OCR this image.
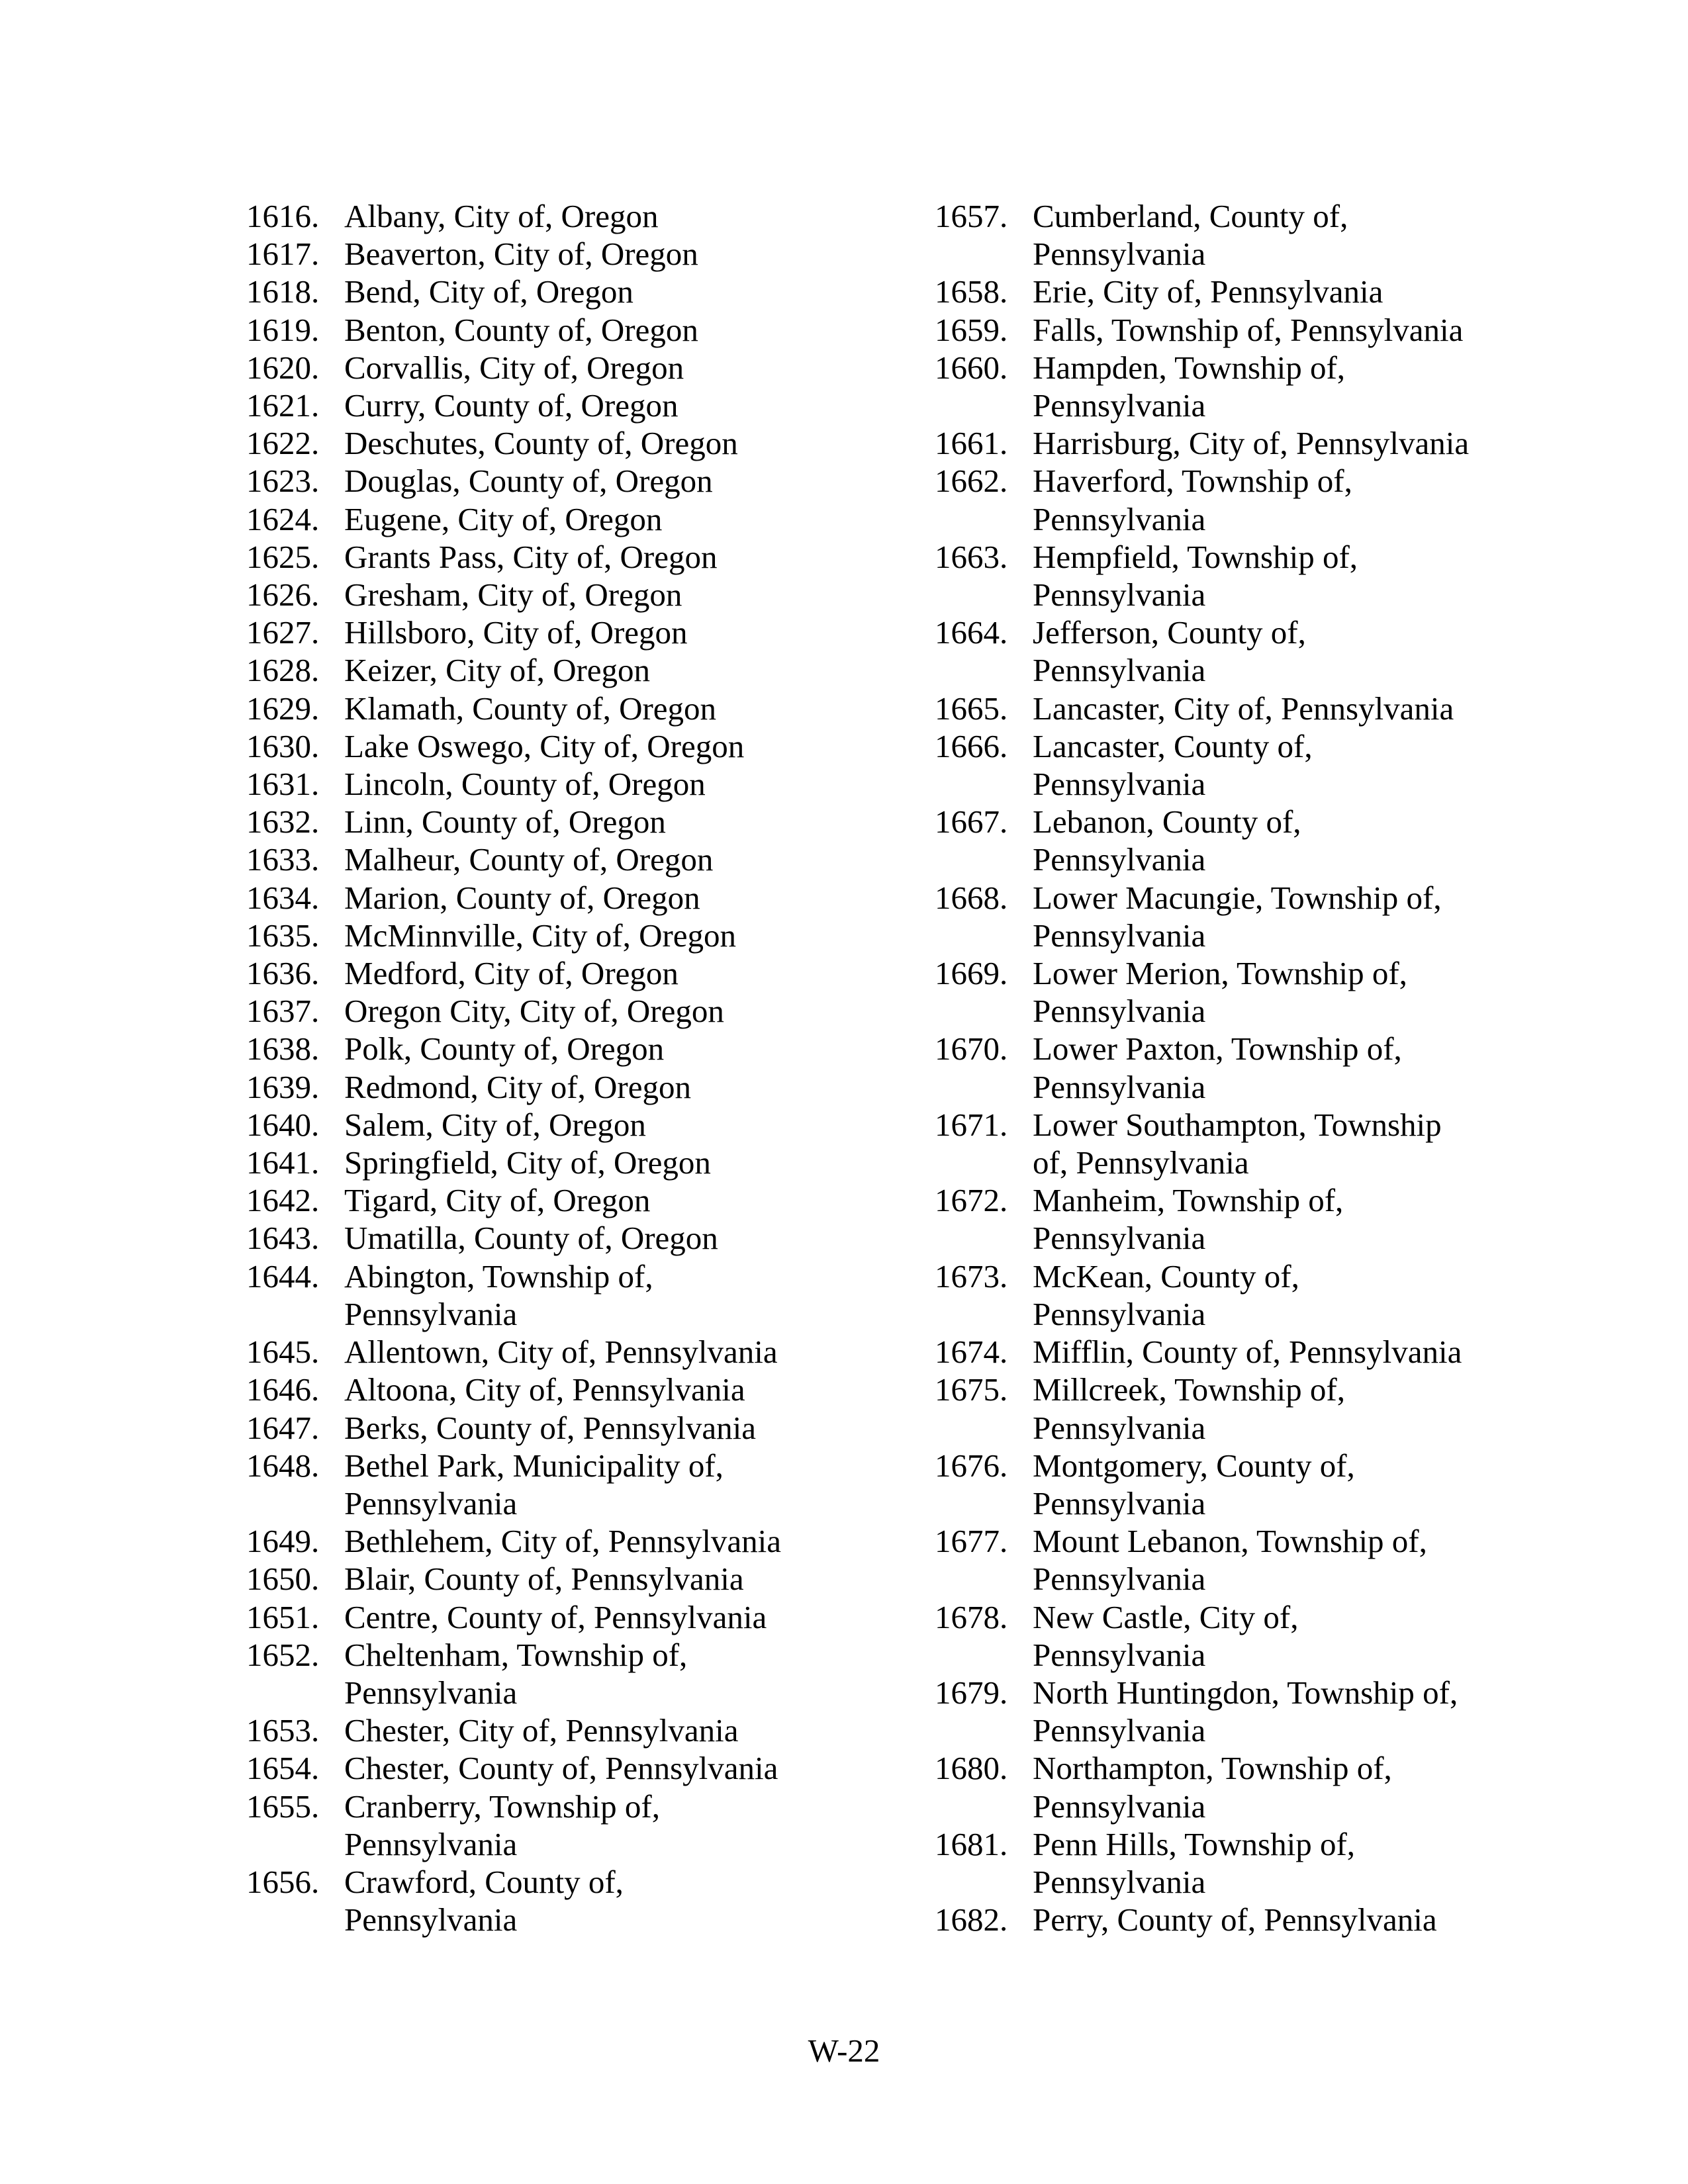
1616. Albany, City of, Oregon
1617. Beaverton, City of, Oregon
1618. Bend, City of, Oregon
1619. Benton, County of, Oregon
1620. Corvallis, City of, Oregon
1621. Curry, County of, Oregon
1622. Deschutes, County of, Oregon
1623. Douglas, County of, Oregon
1624. Eugene, City of, Oregon
1625. Grants Pass, City of, Oregon
1626. Gresham, City of, Oregon
1627. Hillsboro, City of, Oregon
1628. Keizer, City of, Oregon
1629. Klamath, County of, Oregon
1630. Lake Oswego, City of, Oregon
1631. Lincoln, County of, Oregon
1632. Linn, County of, Oregon
1633. Malheur, County of, Oregon
1634. Marion, County of, Oregon
1635. McMinnville, City of, Oregon
1636. Medford, City of, Oregon
1637. Oregon City, City of, Oregon
1638. Polk, County of, Oregon
1639. Redmond, City of, Oregon
1640. Salem, City of, Oregon
1641. Springfield, City of, Oregon
1642. Tigard, City of, Oregon
1643. Umatilla, County of, Oregon
1644. Abington, Township of,
Pennsylvania
1645. Allentown, City of, Pennsylvania
1646. Altoona, City of, Pennsylvania
1647. Berks, County of, Pennsylvania
1648. Bethel Park, Municipality of,
Pennsylvania
1649. Bethlehem, City of, Pennsylvania
1650. Blair, County of, Pennsylvania
1651. Centre, County of, Pennsylvania
1652. Cheltenham, Township of,
Pennsylvania
1653. Chester, City of, Pennsylvania
1654. Chester, County of, Pennsylvania
1655. Cranberry, Township of,
Pennsylvania
1656. Crawford, County of,
Pennsylvania
1657. Cumberland, County of,
Pennsylvania
1658. Erie, City of, Pennsylvania
1659. Falls, Township of, Pennsylvania
1660. Hampden, Township of,
Pennsylvania
1661. Harrisburg, City of, Pennsylvania
1662. Haverford, Township of,
Pennsylvania
1663. Hempfield, Township of,
Pennsylvania
1664. Jefferson, County of,
Pennsylvania
1665. Lancaster, City of, Pennsylvania
1666. Lancaster, County of,
Pennsylvania
1667. Lebanon, County of,
Pennsylvania
1668. Lower Macungie, Township of,
Pennsylvania
1669. Lower Merion, Township of,
Pennsylvania
1670. Lower Paxton, Township of,
Pennsylvania
1671. Lower Southampton, Township
of, Pennsylvania
1672. Manheim, Township of,
Pennsylvania
1673. McKean, County of,
Pennsylvania
1674. Mifflin, County of, Pennsylvania
1675. Millcreek, Township of,
Pennsylvania
1676. Montgomery, County of,
Pennsylvania
1677. Mount Lebanon, Township of,
Pennsylvania
1678. New Castle, City of,
Pennsylvania
1679. North Huntingdon, Township of,
Pennsylvania
1680. Northampton, Township of,
Pennsylvania
1681. Penn Hills, Township of,
Pennsylvania
1682. Perry, County of, Pennsylvania
W-22
